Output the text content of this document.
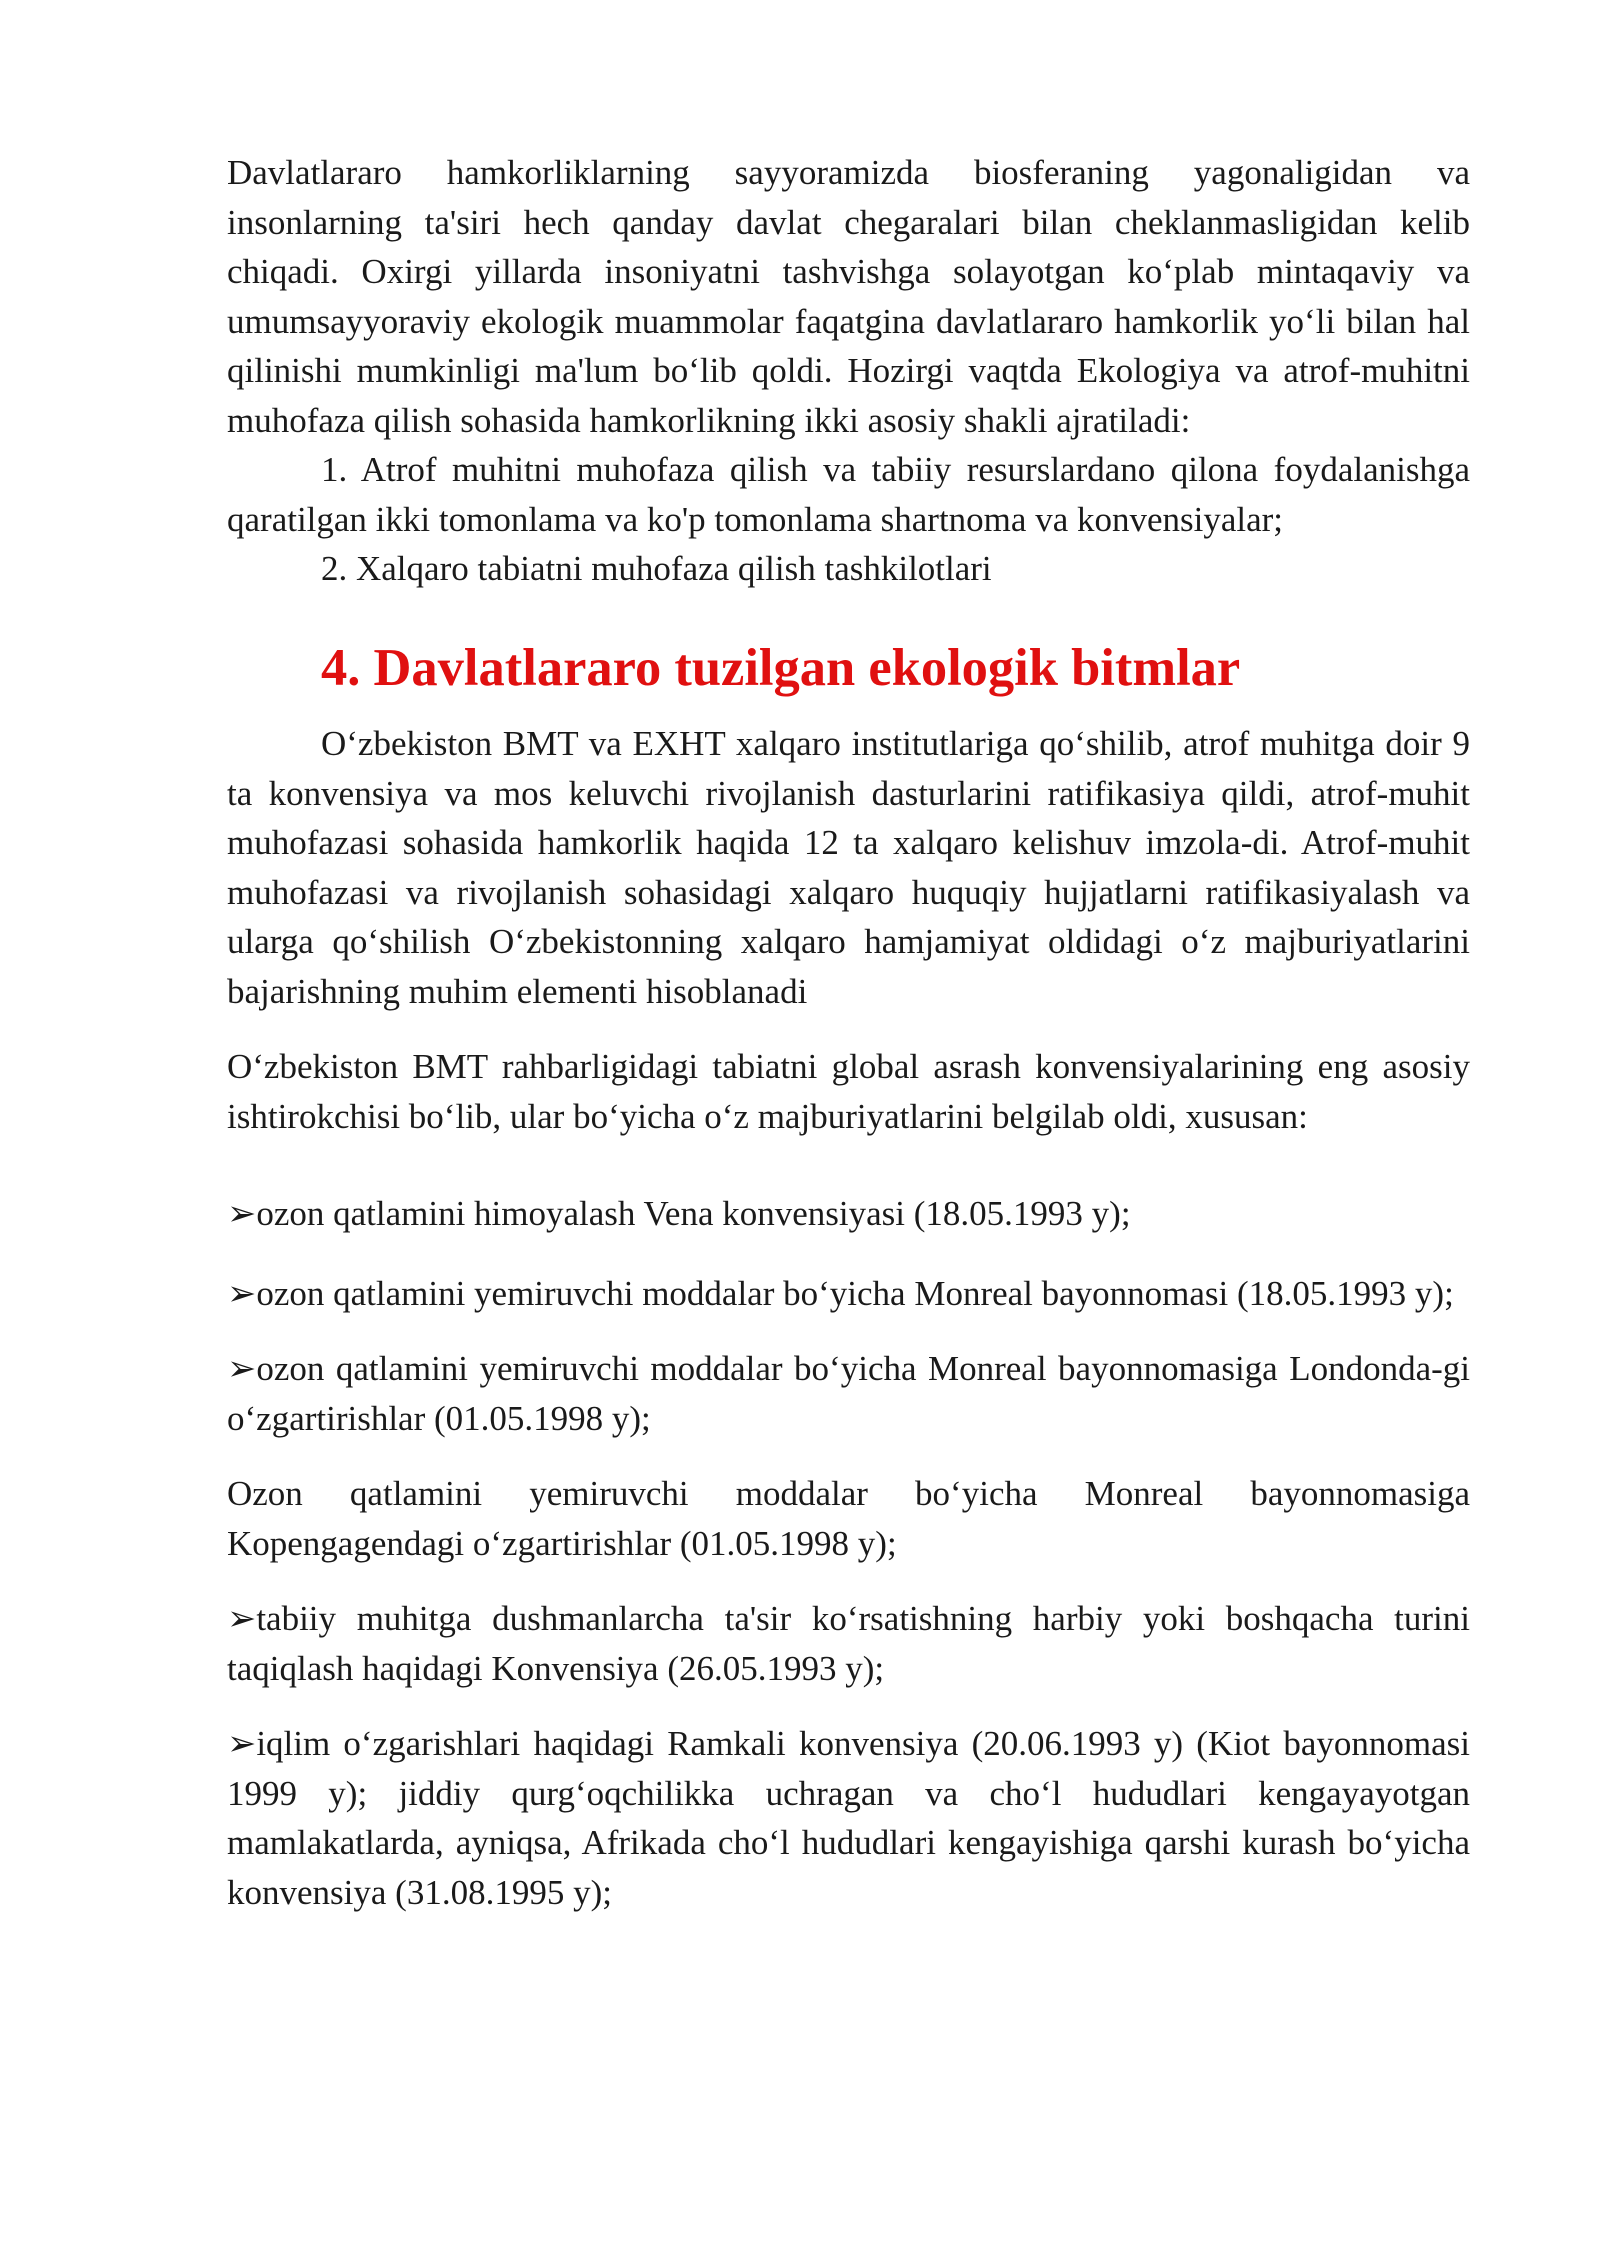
Davlatlararo hamkorliklarning sayyoramizda biosferaning yagonaligidan va insonlarning ta'siri hech qanday davlat chegaralari bilan cheklanmasligidan kelib chiqadi. Oxirgi yillarda insoniyatni tashvishga solayotgan ko‘plab mintaqaviy va umumsayyoraviy ekologik muammolar faqatgina davlatlararo hamkorlik yo‘li bilan hal qilinishi mumkinligi ma'lum bo‘lib qoldi. Hozirgi vaqtda Ekologiya va atrof-muhitni muhofaza qilish sohasida hamkorlikning ikki asosiy shakli ajratiladi:

1. Atrof muhitni muhofaza qilish va tabiiy resurslardano qilona foydalanishga qaratilgan ikki tomonlama va ko'p tomonlama shartnoma va konvensiyalar;

2. Xalqaro tabiatni muhofaza qilish tashkilotlari

4. Davlatlararo tuzilgan ekologik bitmlar

O‘zbekiston BMT va EXHT xalqaro institutlariga qo‘shilib, atrof muhitga doir 9 ta konvensiya va mos keluvchi rivojlanish dasturlarini ratifikasiya qildi, atrof-muhit muhofazasi sohasida hamkorlik haqida 12 ta xalqaro kelishuv imzola-di. Atrof-muhit muhofazasi va rivojlanish sohasidagi xalqaro huquqiy hujjatlarni ratifikasiyalash va ularga qo‘shilish O‘zbekistonning xalqaro hamjamiyat oldidagi o‘z majburiyatlarini bajarishning muhim elementi hisoblanadi

O‘zbekiston BMT rahbarligidagi tabiatni global asrash konvensiyalarining eng asosiy ishtirokchisi bo‘lib, ular bo‘yicha o‘z majburiyatlarini belgilab oldi, xususan:

➢ozon qatlamini himoyalash Vena konvensiyasi (18.05.1993 y);

➢ozon qatlamini yemiruvchi moddalar bo‘yicha Monreal bayonnomasi (18.05.1993 y);

➢ozon qatlamini yemiruvchi moddalar bo‘yicha Monreal bayonnomasiga Londonda-gi o‘zgartirishlar (01.05.1998 y);

Ozon qatlamini yemiruvchi moddalar bo‘yicha Monreal bayonnomasiga Kopengagendagi o‘zgartirishlar (01.05.1998 y);

➢tabiiy muhitga dushmanlarcha ta'sir ko‘rsatishning harbiy yoki boshqacha turini taqiqlash haqidagi Konvensiya (26.05.1993 y);

➢iqlim o‘zgarishlari haqidagi Ramkali konvensiya (20.06.1993 y) (Kiot bayonnomasi 1999 y); jiddiy qurg‘oqchilikka uchragan va cho‘l hududlari kengayayotgan mamlakatlarda, ayniqsa, Afrikada cho‘l hududlari kengayishiga qarshi kurash bo‘yicha konvensiya (31.08.1995 y);
